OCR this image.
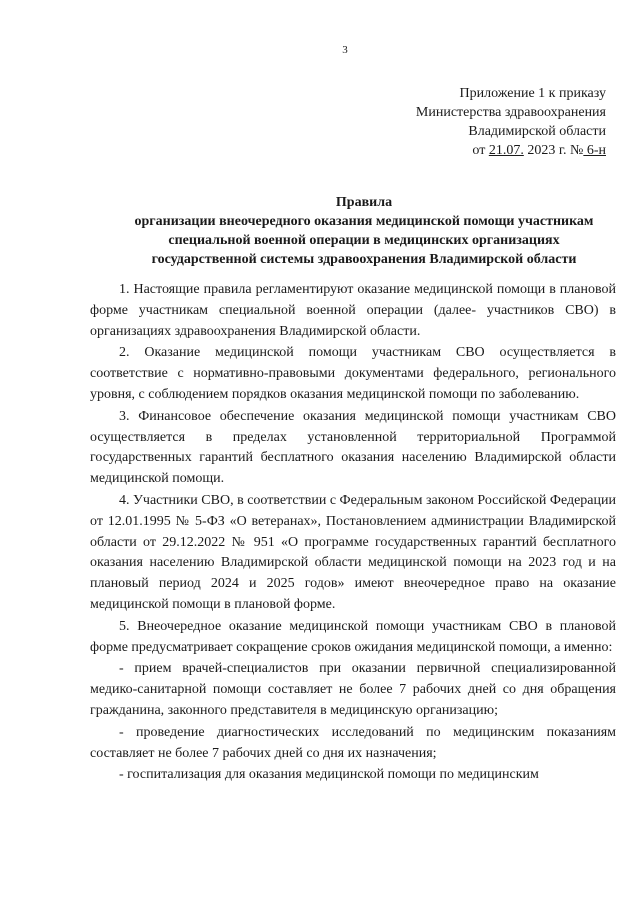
3
Приложение 1 к приказу
Министерства здравоохранения
Владимирской области
от 21.07. 2023 г. № 6-н
Правила
организации внеочередного оказания медицинской помощи участникам
специальной военной операции в медицинских организациях
государственной системы здравоохранения Владимирской области

1. Настоящие правила регламентируют оказание медицинской помощи в плановой форме участникам специальной военной операции (далее- участников СВО) в организациях здравоохранения Владимирской области.

2. Оказание медицинской помощи участникам СВО осуществляется в соответствие с нормативно-правовыми документами федерального, регионального уровня, с соблюдением порядков оказания медицинской помощи по заболеванию.

3. Финансовое обеспечение оказания медицинской помощи участникам СВО осуществляется в пределах установленной территориальной Программой государственных гарантий бесплатного оказания населению Владимирской области медицинской помощи.

4. Участники СВО, в соответствии с Федеральным законом Российской Федерации от 12.01.1995 № 5-ФЗ «О ветеранах», Постановлением администрации Владимирской области от 29.12.2022 № 951 «О программе государственных гарантий бесплатного оказания населению Владимирской области медицинской помощи на 2023 год и на плановый период 2024 и 2025 годов» имеют внеочередное право на оказание медицинской помощи в плановой форме.

5. Внеочередное оказание медицинской помощи участникам СВО в плановой форме предусматривает сокращение сроков ожидания медицинской помощи, а именно:

- прием врачей-специалистов при оказании первичной специализированной медико-санитарной помощи составляет не более 7 рабочих дней со дня обращения гражданина, законного представителя в медицинскую организацию;

- проведение диагностических исследований по медицинским показаниям составляет не более 7 рабочих дней со дня их назначения;

- госпитализация для оказания медицинской помощи по медицинским
